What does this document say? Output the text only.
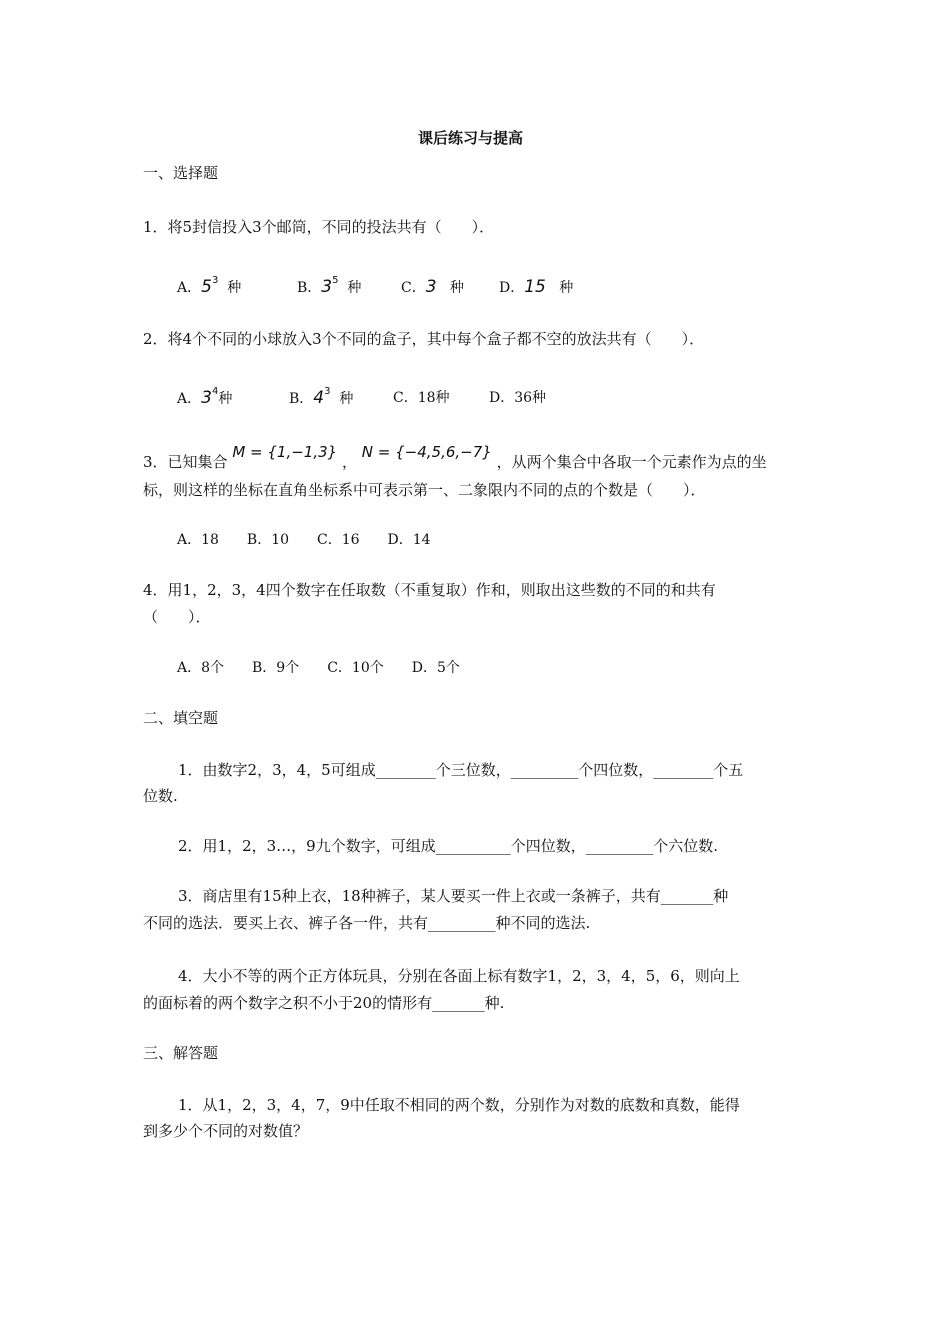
课后练习与提高
一、选择题
1．将5封信投入3个邮筒，不同的投法共有（　　）．
A．$5^3$ 种	B．$3^5$ 种	C．3 种	D．15 种
2．将4个不同的小球放入3个不同的盒子，其中每个盒子都不空的放法共有（　　）．
A．$3^4$种	B．$4^3$ 种	C．18种	D．36种
3．已知集合 M = {1,−1,3} ， N = {−4,5,6,−7} ，从两个集合中各取一个元素作为点的坐
标，则这样的坐标在直角坐标系中可表示第一、二象限内不同的点的个数是（　　）．
A．18　　B．10　　C．16　　D．14
4．用1，2，3，4四个数字在任取数（不重复取）作和，则取出这些数的不同的和共有
（　　）．
A．8个　　B．9个　　C．10个　　D．5个
二、填空题
1．由数字2，3，4，5可组成________个三位数，_________个四位数，________个五
位数.
2．用1，2，3…，9九个数字，可组成__________个四位数，_________个六位数.
3．商店里有15种上衣，18种裤子，某人要买一件上衣或一条裤子，共有_______种
不同的选法．要买上衣、裤子各一件，共有_________种不同的选法.
4．大小不等的两个正方体玩具，分别在各面上标有数字1，2，3，4，5，6，则向上
的面标着的两个数字之积不小于20的情形有_______种.
三、解答题
1．从1，2，3，4，7，9中任取不相同的两个数，分别作为对数的底数和真数，能得
到多少个不同的对数值？
